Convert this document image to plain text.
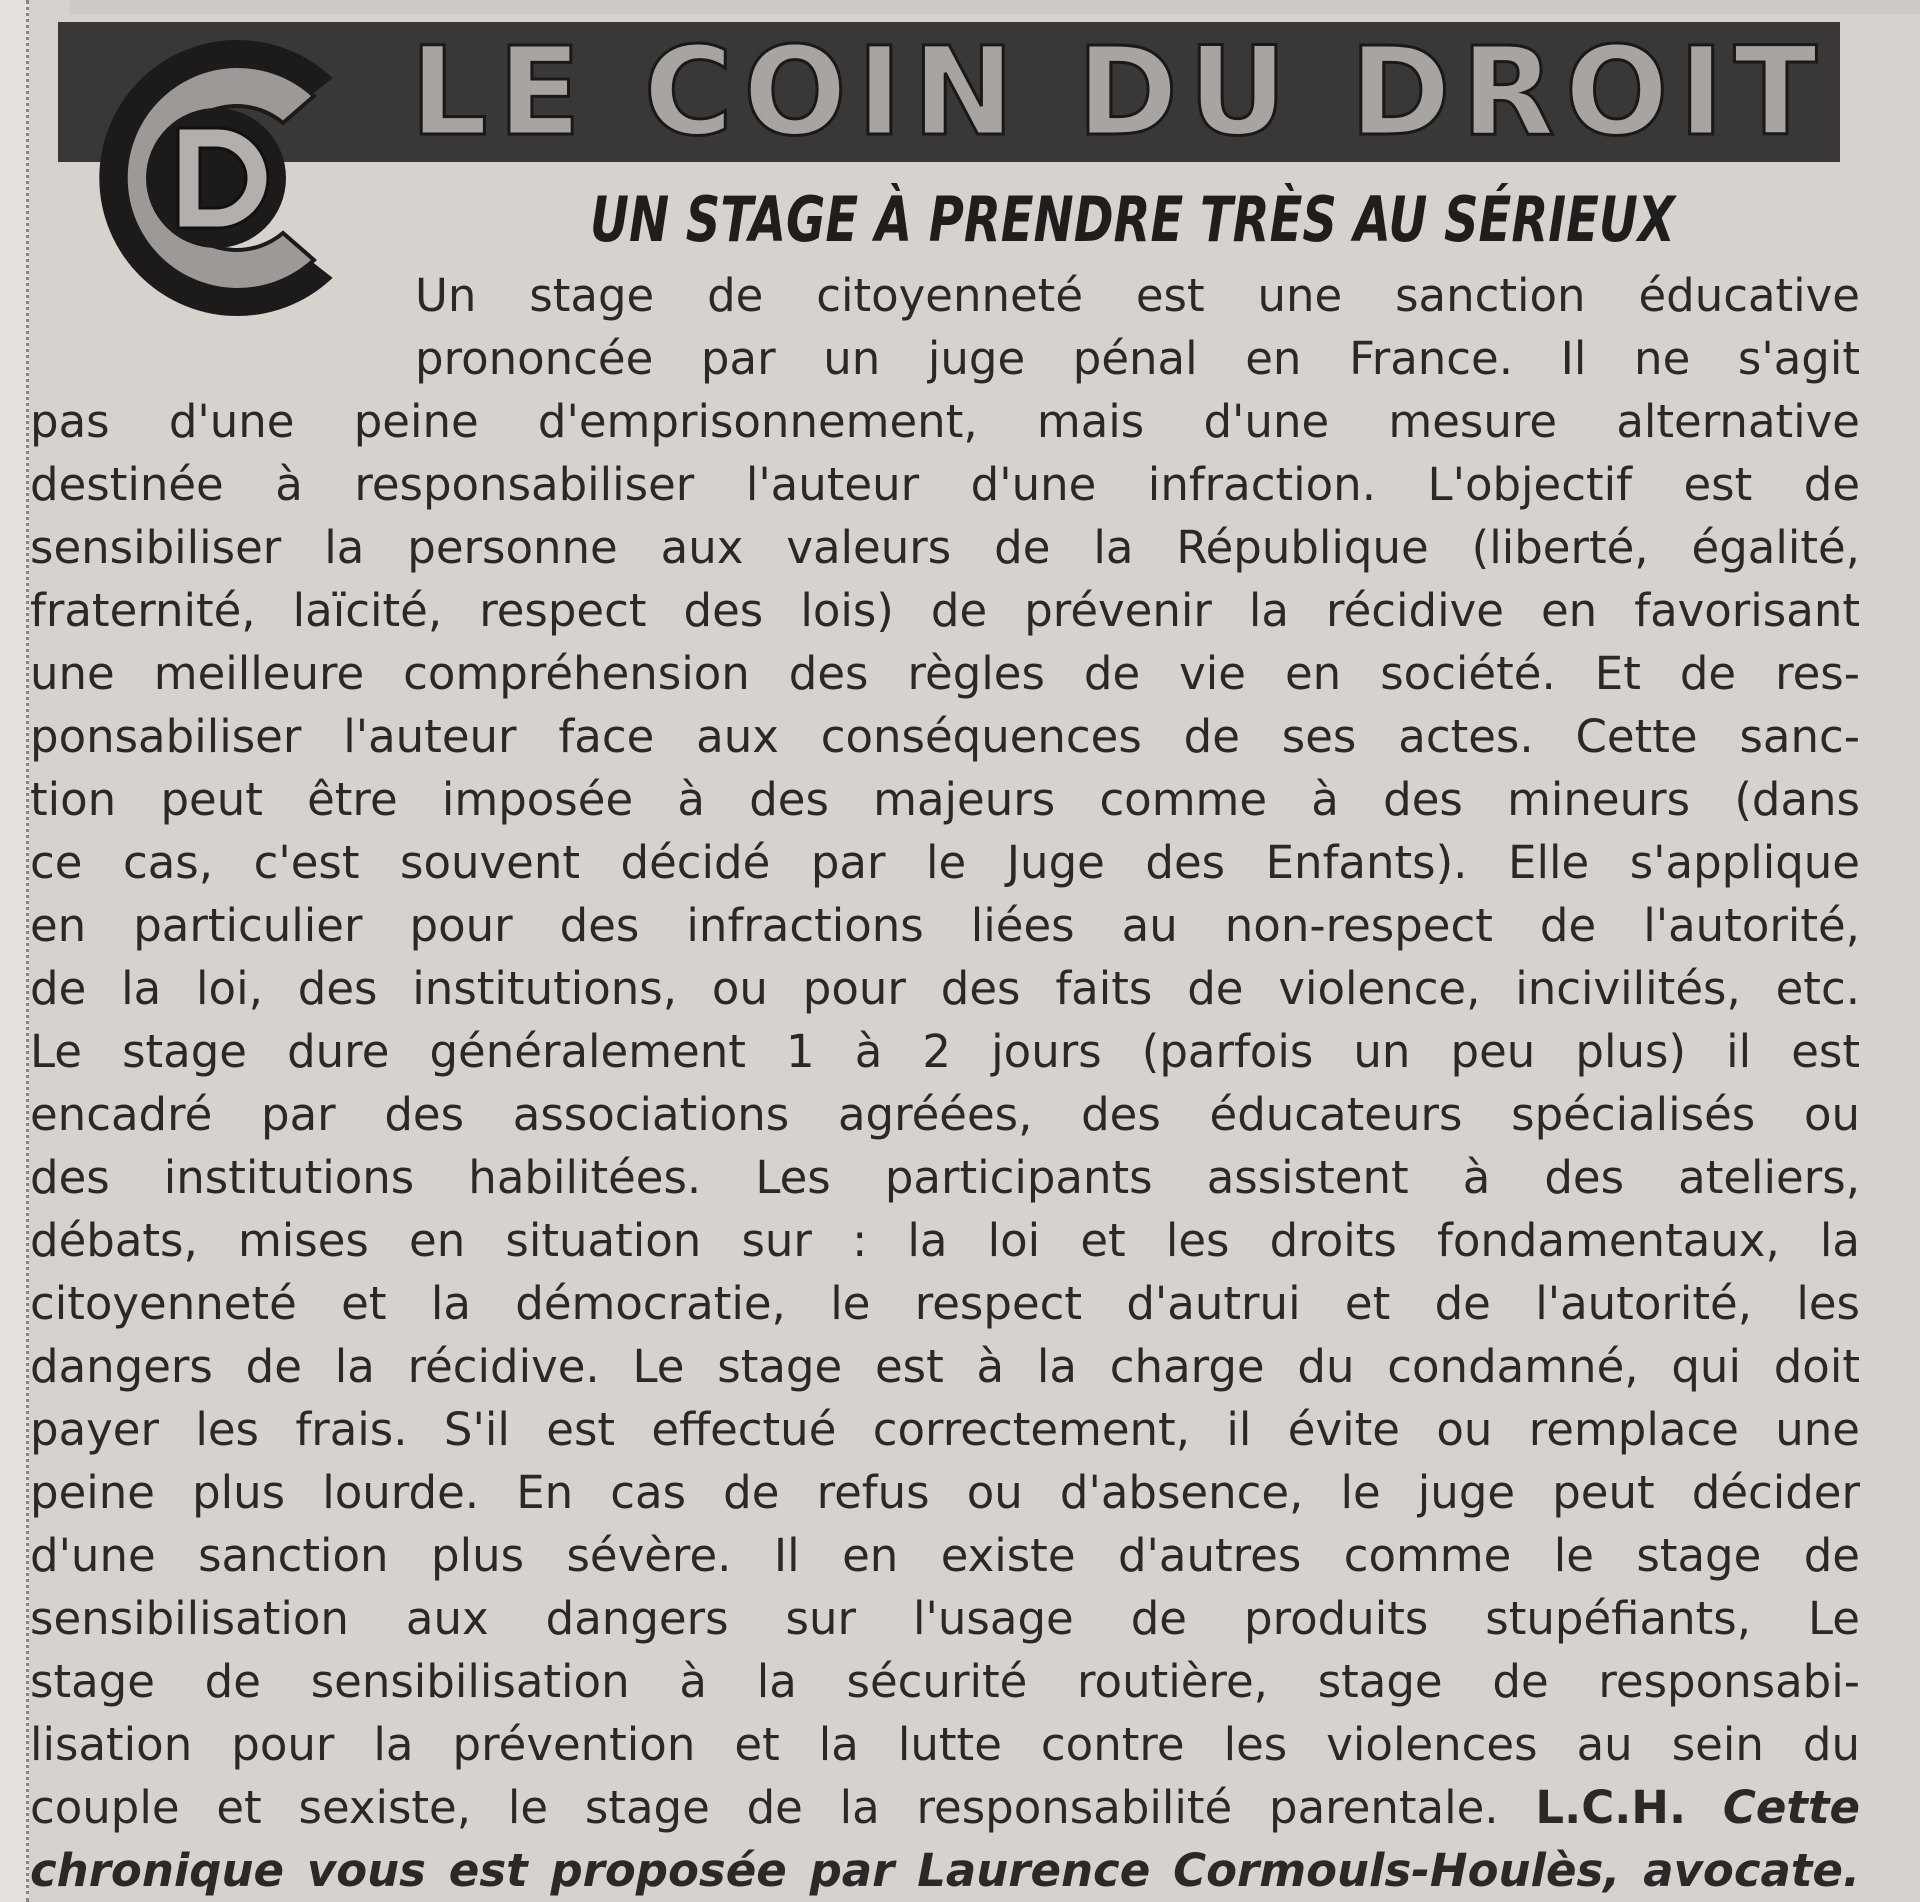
LE COIN DU DROIT
UN STAGE À PRENDRE TRÈS AU SÉRIEUX
Un stage de citoyenneté est une sanction éducative
prononcée par un juge pénal en France. Il ne s'agit
pas d'une peine d'emprisonnement, mais d'une mesure alternative
destinée à responsabiliser l'auteur d'une infraction. L'objectif est de
sensibiliser la personne aux valeurs de la République (liberté, égalité,
fraternité, laïcité, respect des lois) de prévenir la récidive en favorisant
une meilleure compréhension des règles de vie en société. Et de res-
ponsabiliser l'auteur face aux conséquences de ses actes. Cette sanc-
tion peut être imposée à des majeurs comme à des mineurs (dans
ce cas, c'est souvent décidé par le Juge des Enfants). Elle s'applique
en particulier pour des infractions liées au non-respect de l'autorité,
de la loi, des institutions, ou pour des faits de violence, incivilités, etc.
Le stage dure généralement 1 à 2 jours (parfois un peu plus) il est
encadré par des associations agréées, des éducateurs spécialisés ou
des institutions habilitées. Les participants assistent à des ateliers,
débats, mises en situation sur : la loi et les droits fondamentaux, la
citoyenneté et la démocratie, le respect d'autrui et de l'autorité, les
dangers de la récidive. Le stage est à la charge du condamné, qui doit
payer les frais. S'il est effectué correctement, il évite ou remplace une
peine plus lourde. En cas de refus ou d'absence, le juge peut décider
d'une sanction plus sévère. Il en existe d'autres comme le stage de
sensibilisation aux dangers sur l'usage de produits stupéfiants, Le
stage de sensibilisation à la sécurité routière, stage de responsabi-
lisation pour la prévention et la lutte contre les violences au sein du
couple et sexiste, le stage de la responsabilité parentale. L.C.H. Cette
chronique vous est proposée par Laurence Cormouls-Houlès, avocate.
